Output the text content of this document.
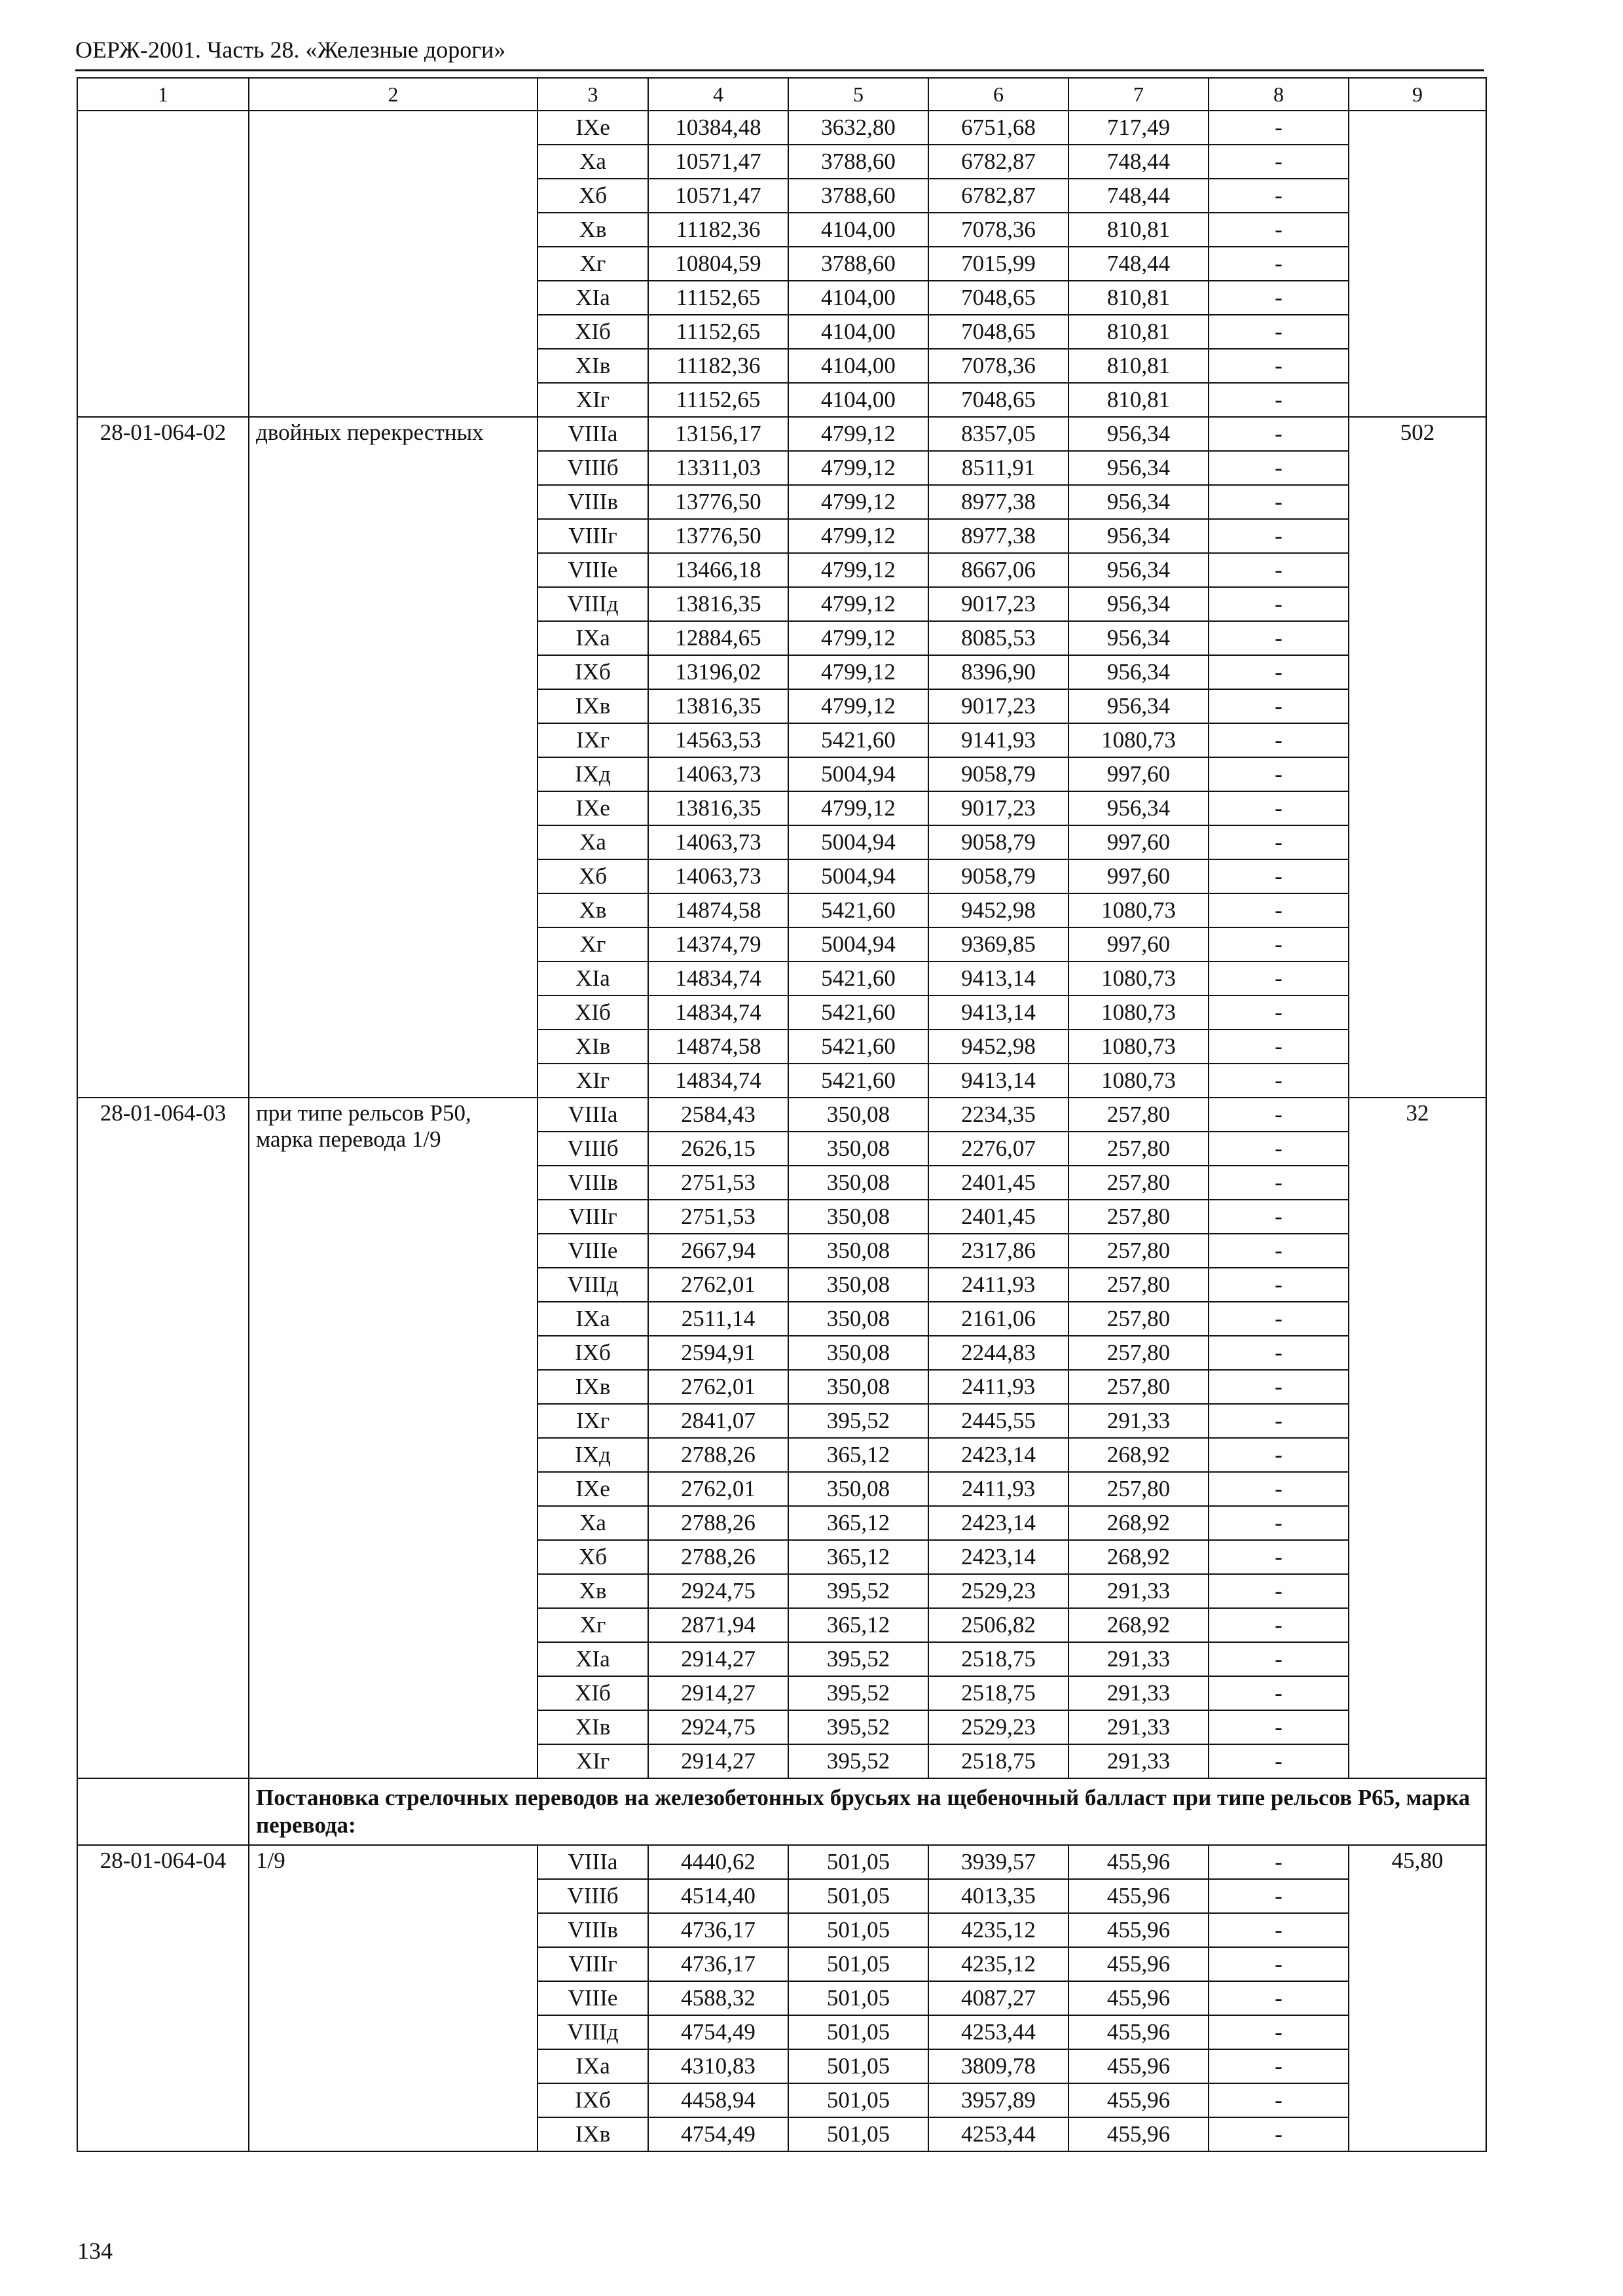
ОЕРЖ-2001. Часть 28. «Железные дороги»
1	2	3	4	5	6	7	8	9
		IXе	10384,48	3632,80	6751,68	717,49	-	
		Xа	10571,47	3788,60	6782,87	748,44	-	
		Xб	10571,47	3788,60	6782,87	748,44	-	
		Xв	11182,36	4104,00	7078,36	810,81	-	
		Xг	10804,59	3788,60	7015,99	748,44	-	
		XIа	11152,65	4104,00	7048,65	810,81	-	
		XIб	11152,65	4104,00	7048,65	810,81	-	
		XIв	11182,36	4104,00	7078,36	810,81	-	
		XIг	11152,65	4104,00	7048,65	810,81	-	
28-01-064-02	двойных перекрестных	VIIIа	13156,17	4799,12	8357,05	956,34	-	502
		VIIIб	13311,03	4799,12	8511,91	956,34	-	
		VIIIв	13776,50	4799,12	8977,38	956,34	-	
		VIIIг	13776,50	4799,12	8977,38	956,34	-	
		VIIIе	13466,18	4799,12	8667,06	956,34	-	
		VIIIд	13816,35	4799,12	9017,23	956,34	-	
		IXа	12884,65	4799,12	8085,53	956,34	-	
		IXб	13196,02	4799,12	8396,90	956,34	-	
		IXв	13816,35	4799,12	9017,23	956,34	-	
		IXг	14563,53	5421,60	9141,93	1080,73	-	
		IXд	14063,73	5004,94	9058,79	997,60	-	
		IXе	13816,35	4799,12	9017,23	956,34	-	
		Xа	14063,73	5004,94	9058,79	997,60	-	
		Xб	14063,73	5004,94	9058,79	997,60	-	
		Xв	14874,58	5421,60	9452,98	1080,73	-	
		Xг	14374,79	5004,94	9369,85	997,60	-	
		XIа	14834,74	5421,60	9413,14	1080,73	-	
		XIб	14834,74	5421,60	9413,14	1080,73	-	
		XIв	14874,58	5421,60	9452,98	1080,73	-	
		XIг	14834,74	5421,60	9413,14	1080,73	-	
28-01-064-03	при типе рельсов Р50, марка перевода 1/9	VIIIа	2584,43	350,08	2234,35	257,80	-	32
		VIIIб	2626,15	350,08	2276,07	257,80	-	
		VIIIв	2751,53	350,08	2401,45	257,80	-	
		VIIIг	2751,53	350,08	2401,45	257,80	-	
		VIIIе	2667,94	350,08	2317,86	257,80	-	
		VIIIд	2762,01	350,08	2411,93	257,80	-	
		IXа	2511,14	350,08	2161,06	257,80	-	
		IXб	2594,91	350,08	2244,83	257,80	-	
		IXв	2762,01	350,08	2411,93	257,80	-	
		IXг	2841,07	395,52	2445,55	291,33	-	
		IXд	2788,26	365,12	2423,14	268,92	-	
		IXе	2762,01	350,08	2411,93	257,80	-	
		Xа	2788,26	365,12	2423,14	268,92	-	
		Xб	2788,26	365,12	2423,14	268,92	-	
		Xв	2924,75	395,52	2529,23	291,33	-	
		Xг	2871,94	365,12	2506,82	268,92	-	
		XIа	2914,27	395,52	2518,75	291,33	-	
		XIб	2914,27	395,52	2518,75	291,33	-	
		XIв	2924,75	395,52	2529,23	291,33	-	
		XIг	2914,27	395,52	2518,75	291,33	-	
	Постановка стрелочных переводов на железобетонных брусьях на щебеночный балласт при типе рельсов Р65, марка перевода:							
28-01-064-04	1/9	VIIIа	4440,62	501,05	3939,57	455,96	-	45,80
		VIIIб	4514,40	501,05	4013,35	455,96	-	
		VIIIв	4736,17	501,05	4235,12	455,96	-	
		VIIIг	4736,17	501,05	4235,12	455,96	-	
		VIIIе	4588,32	501,05	4087,27	455,96	-	
		VIIIд	4754,49	501,05	4253,44	455,96	-	
		IXа	4310,83	501,05	3809,78	455,96	-	
		IXб	4458,94	501,05	3957,89	455,96	-	
		IXв	4754,49	501,05	4253,44	455,96	-	
134
